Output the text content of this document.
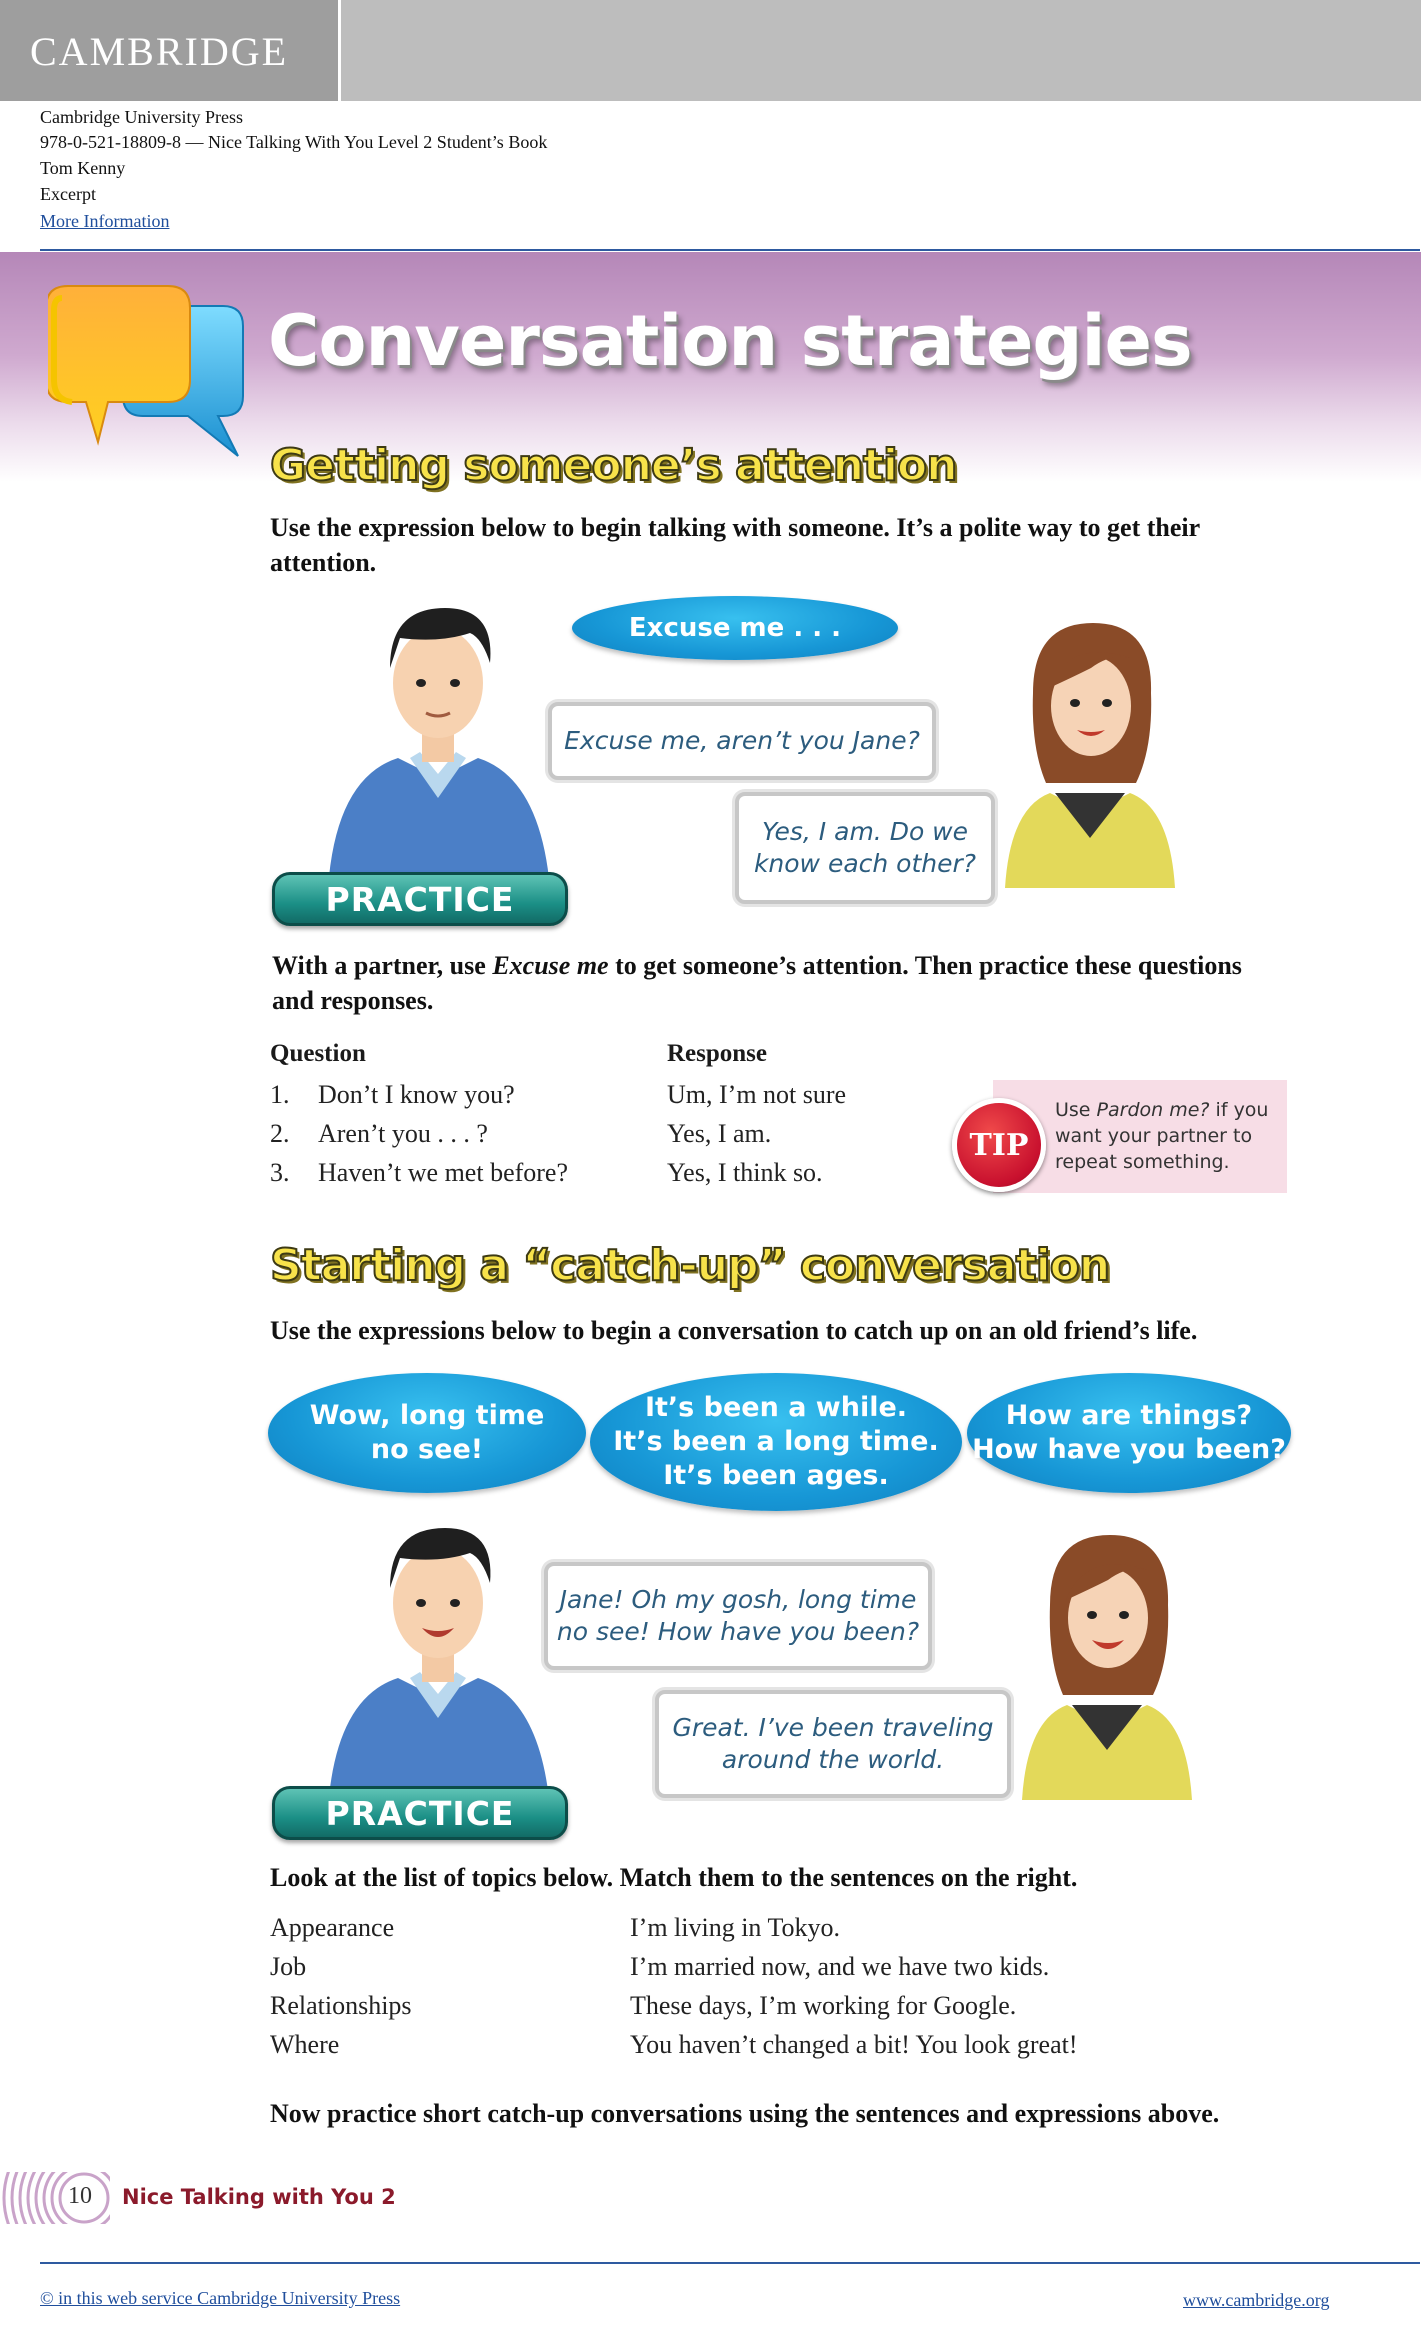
CAMBRIDGE
Cambridge University Press
978-0-521-18809-8 — Nice Talking With You Level 2 Student’s Book
Tom Kenny
Excerpt
More Information
Conversation strategies
Getting someone’s attention
Use the expression below to begin talking with someone. It’s a polite way to get their attention.
Excuse me . . .
Excuse me, aren’t you Jane?
Yes, I am. Do we know each other?
PRACTICE
With a partner, use Excuse me to get someone’s attention. Then practice these questions and responses.
Question	Response
1. Don’t I know you?
2. Aren’t you . . . ?
3. Haven’t we met before?
Um, I’m not sure
Yes, I am.
Yes, I think so.
TIP
Use Pardon me? if you want your partner to repeat something.
Starting a “catch-up” conversation
Use the expressions below to begin a conversation to catch up on an old friend’s life.
Wow, long time
no see!
It’s been a while.
It’s been a long time.
It’s been ages.
How are things?
How have you been?
Jane! Oh my gosh, long time no see! How have you been?
Great. I’ve been traveling around the world.
PRACTICE
Look at the list of topics below. Match them to the sentences on the right.
Appearance
Job
Relationships
Where
I’m living in Tokyo.
I’m married now, and we have two kids.
These days, I’m working for Google.
You haven’t changed a bit! You look great!
Now practice short catch-up conversations using the sentences and expressions above.
10 Nice Talking with You 2
© in this web service Cambridge University Press	www.cambridge.org
